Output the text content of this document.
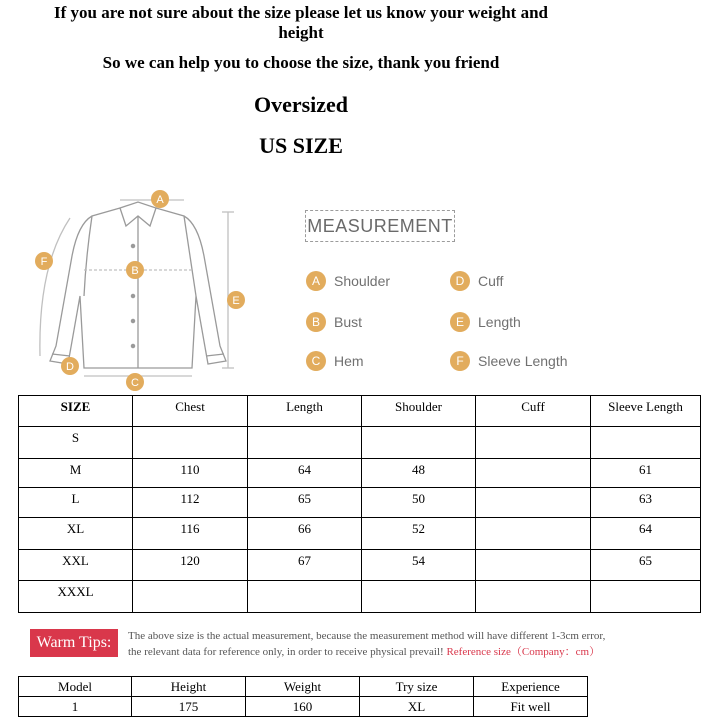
If you are not sure about the size please let us know your weight and
height
So we can help you to choose the size, thank you friend
Oversized
US SIZE
A
B
C
D
E
F
MEASUREMENT
A	Shoulder
B	Bust
C Hem
D Cuff
E	Length
F	Sleeve Length
SIZE	Chest	Length	Shoulder	Cuff	Sleeve Length
S					
M	110	64	48		61
L	112	65	50		63
XL	116	66	52		64
XXL	120	67	54		65
XXXL					
Warm Tips:	The above size is the actual measurement, because the measurement method will have different 1-3cm error,
the relevant data for reference only, in order to receive physical prevail! Reference size（Company：cm）
Model	Height	Weight	Try size	Experience
1	175	160	XL	Fit well
